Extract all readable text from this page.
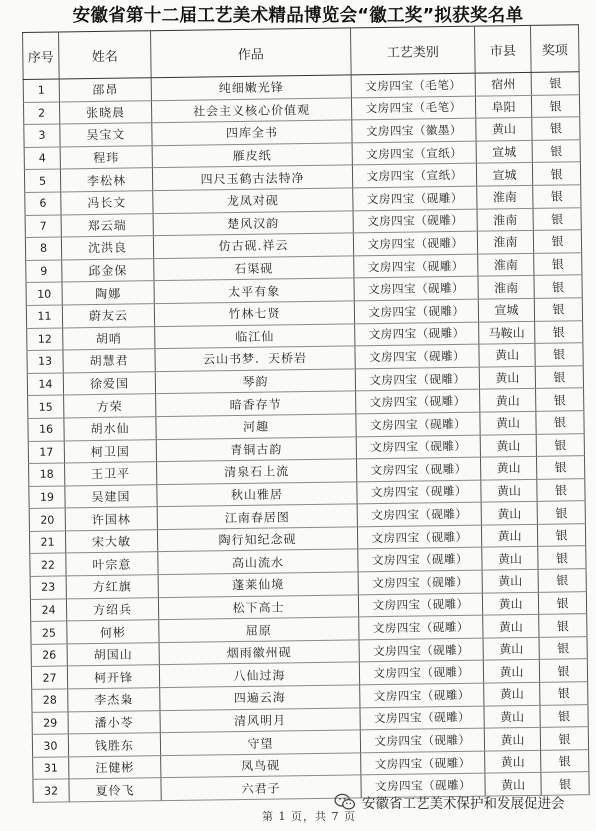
安徽省第十二届工艺美术精品博览会“徽工奖”拟获奖名单
序号	姓名	作品	工艺类别	市县	奖项
1	邵昂	纯细嫩光锋	文房四宝（毛笔）	宿州	银
2	张晓晨	社会主义核心价值观	文房四宝（毛笔）	阜阳	银
3	吴宝文	四库全书	文房四宝（徽墨）	黄山	银
4	程玮	雁皮纸	文房四宝（宣纸）	宣城	银
5	李松林	四尺玉鹤古法特净	文房四宝（宣纸）	宣城	银
6	冯长文	龙凤对砚	文房四宝（砚雕）	淮南	银
7	郑云瑞	楚风汉韵	文房四宝（砚雕）	淮南	银
8	沈洪良	仿古砚.祥云	文房四宝（砚雕）	淮南	银
9	邱金保	石渠砚	文房四宝（砚雕）	淮南	银
10	陶娜	太平有象	文房四宝（砚雕）	淮南	银
11	蔚友云	竹林七贤	文房四宝（砚雕）	宣城	银
12	胡哨	临江仙	文房四宝（砚雕）	马鞍山	银
13	胡慧君	云山书梦．天桥岩	文房四宝（砚雕）	黄山	银
14	徐爱国	琴韵	文房四宝（砚雕）	黄山	银
15	方荣	暗香存节	文房四宝（砚雕）	黄山	银
16	胡水仙	河趣	文房四宝（砚雕）	黄山	银
17	柯卫国	青铜古韵	文房四宝（砚雕）	黄山	银
18	王卫平	清泉石上流	文房四宝（砚雕）	黄山	银
19	吴建国	秋山雅居	文房四宝（砚雕）	黄山	银
20	许国林	江南春居图	文房四宝（砚雕）	黄山	银
21	宋大敏	陶行知纪念砚	文房四宝（砚雕）	黄山	银
22	叶宗意	高山流水	文房四宝（砚雕）	黄山	银
23	方红旗	蓬莱仙境	文房四宝（砚雕）	黄山	银
24	方绍兵	松下高士	文房四宝（砚雕）	黄山	银
25	何彬	屈原	文房四宝（砚雕）	黄山	银
26	胡国山	烟雨徽州砚	文房四宝（砚雕）	黄山	银
27	柯开锋	八仙过海	文房四宝（砚雕）	黄山	银
28	李杰枭	四遍云海	文房四宝（砚雕）	黄山	银
29	潘小苓	清风明月	文房四宝（砚雕）	黄山	银
30	钱胜东	守望	文房四宝（砚雕）	黄山	银
31	汪健彬	凤鸟砚	文房四宝（砚雕）	黄山	银
32	夏伶飞	六君子	文房四宝（砚雕）	黄山	银
安徽省工艺美术保护和发展促进会
第 1 页，共 7 页
